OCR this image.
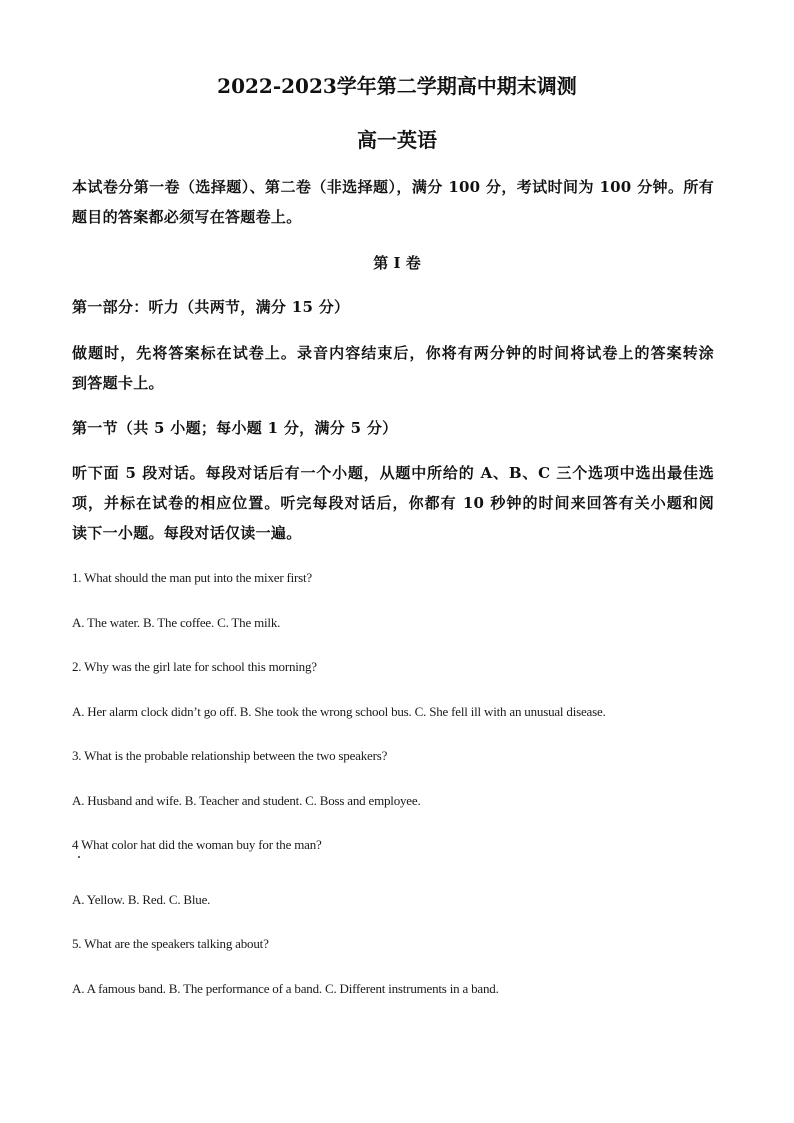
2022-2023学年第二学期高中期末调测
高一英语
本试卷分第一卷（选择题）、第二卷（非选择题），满分 100 分，考试时间为 100 分钟。所有
题目的答案都必须写在答题卷上。
第 I 卷
第一部分：听力（共两节，满分 15 分）
做题时，先将答案标在试卷上。录音内容结束后，你将有两分钟的时间将试卷上的答案转涂
到答题卡上。
第一节（共 5 小题；每小题 1 分，满分 5 分）
听下面 5 段对话。每段对话后有一个小题，从题中所给的 A、B、C 三个选项中选出最佳选
项，并标在试卷的相应位置。听完每段对话后，你都有 10 秒钟的时间来回答有关小题和阅
读下一小题。每段对话仅读一遍。
1. What should the man put into the mixer first?
A. The water. B. The coffee. C. The milk.
2. Why was the girl late for school this morning?
A. Her alarm clock didn’t go off. B. She took the wrong school bus. C. She fell ill with an unusual disease.
3. What is the probable relationship between the two speakers?
A. Husband and wife. B. Teacher and student. C. Boss and employee.
4 What color hat did the woman buy for the man?
A. Yellow. B. Red. C. Blue.
5. What are the speakers talking about?
A. A famous band. B. The performance of a band. C. Different instruments in a band.
